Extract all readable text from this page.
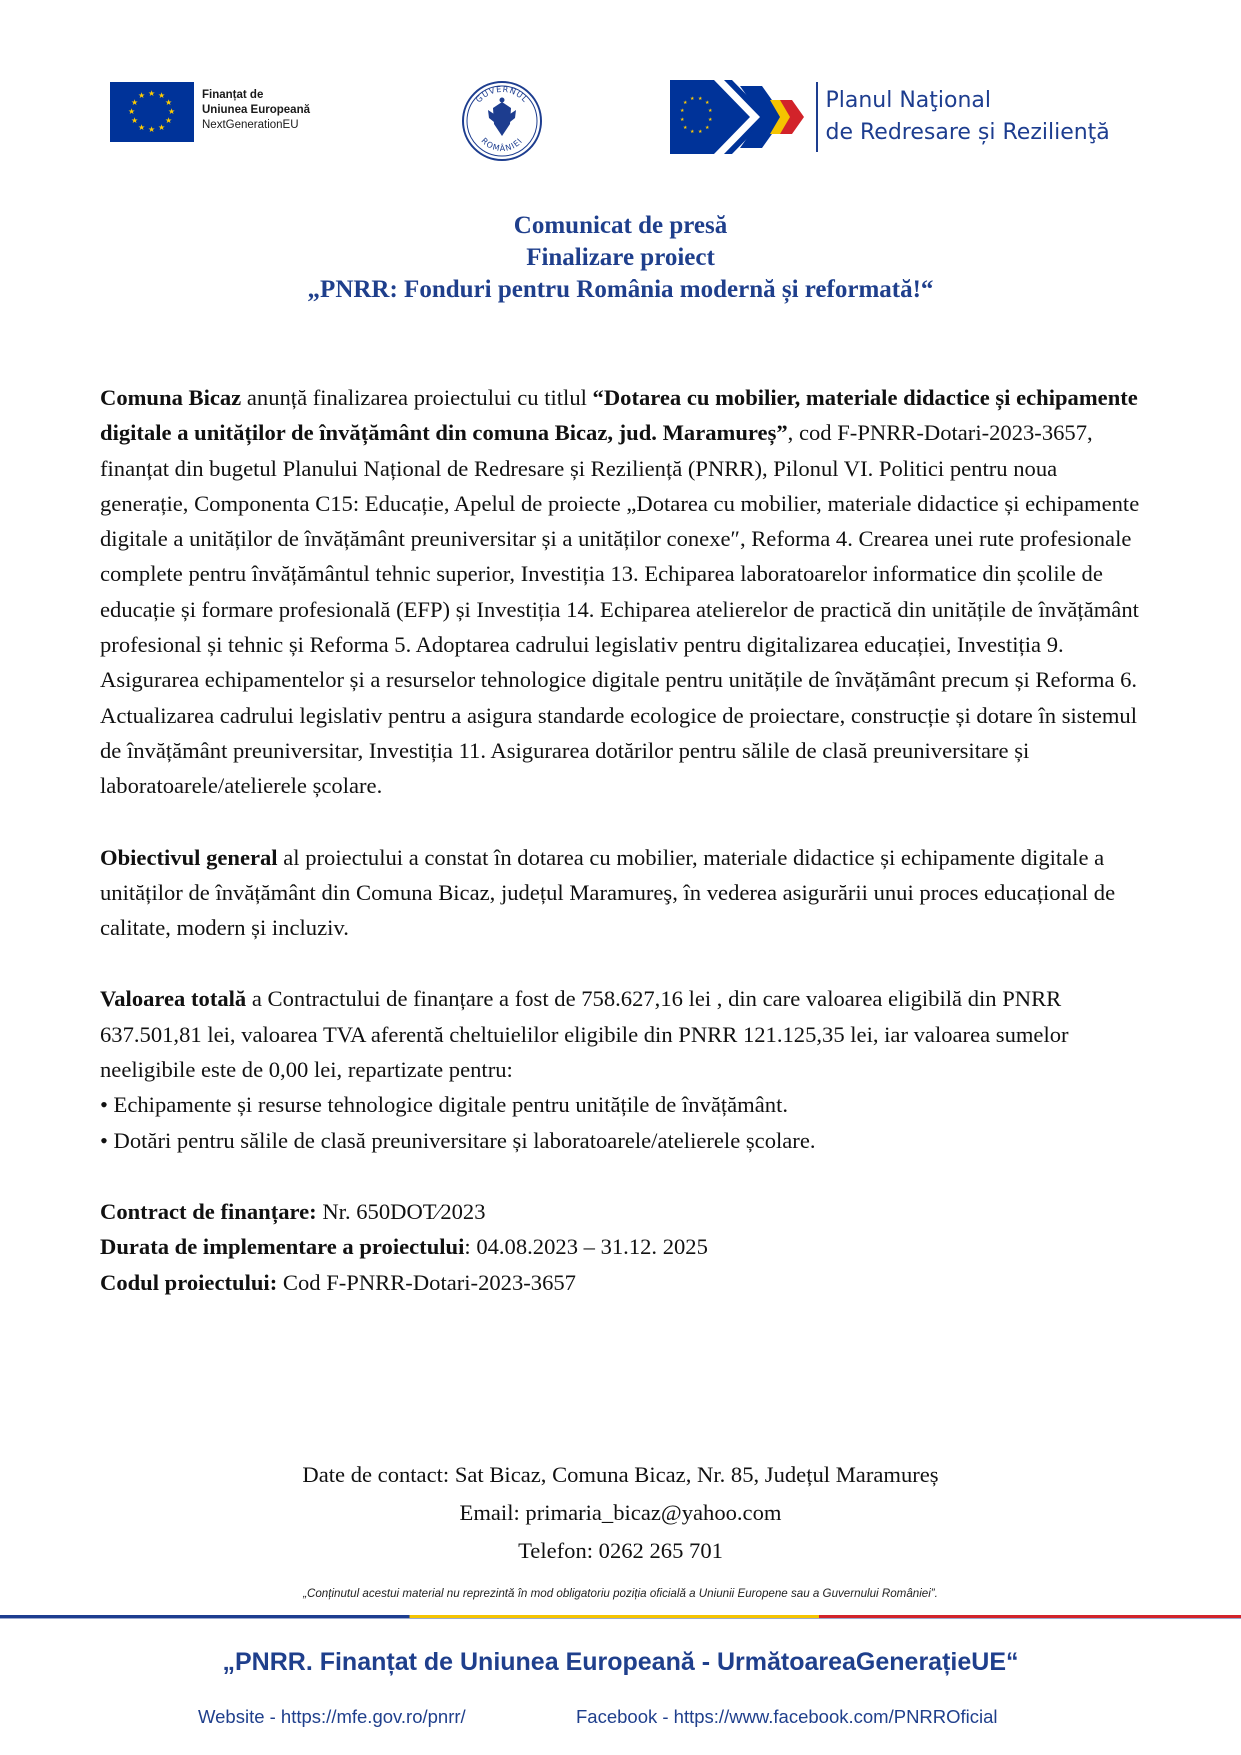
★ ★
★
★
★
★
★
★
★
★
★
★	Finanțat de
Uniunea Europeană
NextGenerationEU
GUVERNUL
ROMÂNIEI
★
★
★
★
★
★
★
★
★
★
★
★	Planul Naţional
de Redresare și Rezilienţă
Comunicat de presă
Finalizare proiect
„PNRR: Fonduri pentru România modernă și reformată!“

Comuna Bicaz anunță finalizarea proiectului cu titlul “Dotarea cu mobilier, materiale didactice și echipamente digitale a unităților de învățământ din comuna Bicaz, jud. Maramureș”, cod F-PNRR-Dotari-2023-3657, finanțat din bugetul Planului Național de Redresare și Reziliență (PNRR), Pilonul VI. Politici pentru noua generație, Componenta C15: Educație, Apelul de proiecte „Dotarea cu mobilier, materiale didactice și echipamente digitale a unităților de învățământ preuniversitar și a unităților conexe″, Reforma 4. Crearea unei rute profesionale complete pentru învățământul tehnic superior, Investiția 13. Echiparea laboratoarelor informatice din școlile de educație și formare profesională (EFP) și Investiția 14. Echiparea atelierelor de practică din unitățile de învățământ profesional și tehnic și Reforma 5. Adoptarea cadrului legislativ pentru digitalizarea educației, Investiția 9. Asigurarea echipamentelor și a resurselor tehnologice digitale pentru unitățile de învățământ precum și Reforma 6. Actualizarea cadrului legislativ pentru a asigura standarde ecologice de proiectare, construcție și dotare în sistemul de învățământ preuniversitar, Investiția 11. Asigurarea dotărilor pentru sălile de clasă preuniversitare și laboratoarele/atelierele școlare.

Obiectivul general al proiectului a constat în dotarea cu mobilier, materiale didactice și echipamente digitale a unităților de învățământ din Comuna Bicaz, județul Maramureş, în vederea asigurării unui proces educațional de calitate, modern și incluziv.

Valoarea totală a Contractului de finanțare a fost de 758.627,16 lei , din care valoarea eligibilă din PNRR 637.501,81 lei, valoarea TVA aferentă cheltuielilor eligibile din PNRR 121.125,35 lei, iar valoarea sumelor neeligibile este de 0,00 lei, repartizate pentru:

• Echipamente și resurse tehnologice digitale pentru unitățile de învățământ.

• Dotări pentru sălile de clasă preuniversitare și laboratoarele/atelierele școlare.

Contract de finanțare: Nr. 650DOT⁄2023

Durata de implementare a proiectului: 04.08.2023 – 31.12. 2025

Codul proiectului: Cod F-PNRR-Dotari-2023-3657

Date de contact: Sat Bicaz, Comuna Bicaz, Nr. 85, Județul Maramureș
Email: primaria_bicaz@yahoo.com
Telefon: 0262 265 701
„Conținutul acestui material nu reprezintă în mod obligatoriu poziția oficială a Uniunii Europene sau a Guvernului României”.
„PNRR. Finanțat de Uniunea Europeană - UrmătoareaGenerațieUE“
Website - https://mfe.gov.ro/pnrr/	Facebook - https://www.facebook.com/PNRROficial
